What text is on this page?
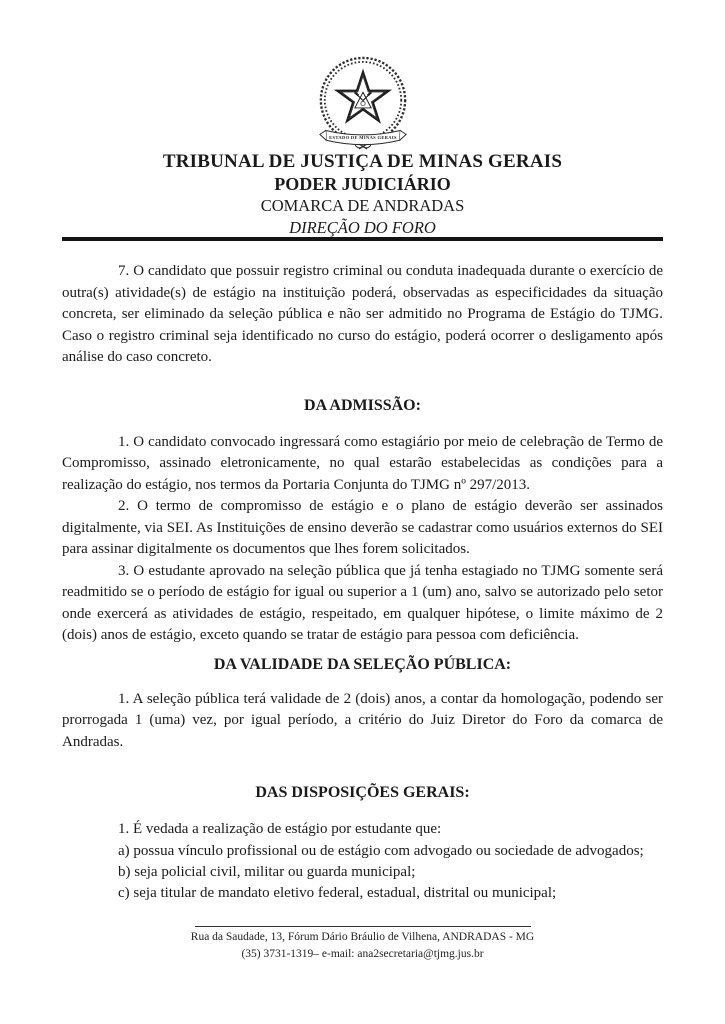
ESTADO DE MINAS GERAIS
TRIBUNAL DE JUSTIÇA DE MINAS GERAIS
PODER JUDICIÁRIO
COMARCA DE ANDRADAS
DIREÇÃO DO FORO

7. O candidato que possuir registro criminal ou conduta inadequada durante o exercício de outra(s) atividade(s) de estágio na instituição poderá, observadas as especificidades da situação concreta, ser eliminado da seleção pública e não ser admitido no Programa de Estágio do TJMG. Caso o registro criminal seja identificado no curso do estágio, poderá ocorrer o desligamento após análise do caso concreto.

DA ADMISSÃO:

1. O candidato convocado ingressará como estagiário por meio de celebração de Termo de Compromisso, assinado eletronicamente, no qual estarão estabelecidas as condições para a realização do estágio, nos termos da Portaria Conjunta do TJMG nº 297/2013.

2. O termo de compromisso de estágio e o plano de estágio deverão ser assinados digitalmente, via SEI. As Instituições de ensino deverão se cadastrar como usuários externos do SEI para assinar digitalmente os documentos que lhes forem solicitados.

3. O estudante aprovado na seleção pública que já tenha estagiado no TJMG somente será readmitido se o período de estágio for igual ou superior a 1 (um) ano, salvo se autorizado pelo setor onde exercerá as atividades de estágio, respeitado, em qualquer hipótese, o limite máximo de 2 (dois) anos de estágio, exceto quando se tratar de estágio para pessoa com deficiência.

DA VALIDADE DA SELEÇÃO PÚBLICA:

1. A seleção pública terá validade de 2 (dois) anos, a contar da homologação, podendo ser prorrogada 1 (uma) vez, por igual período, a critério do Juiz Diretor do Foro da comarca de Andradas.

DAS DISPOSIÇÕES GERAIS:

1. É vedada a realização de estágio por estudante que:

a) possua vínculo profissional ou de estágio com advogado ou sociedade de advogados;

b) seja policial civil, militar ou guarda municipal;

c) seja titular de mandato eletivo federal, estadual, distrital ou municipal;

Rua da Saudade, 13, Fórum Dário Bráulio de Vilhena, ANDRADAS - MG
(35) 3731-1319– e-mail: ana2secretaria@tjmg.jus.br
